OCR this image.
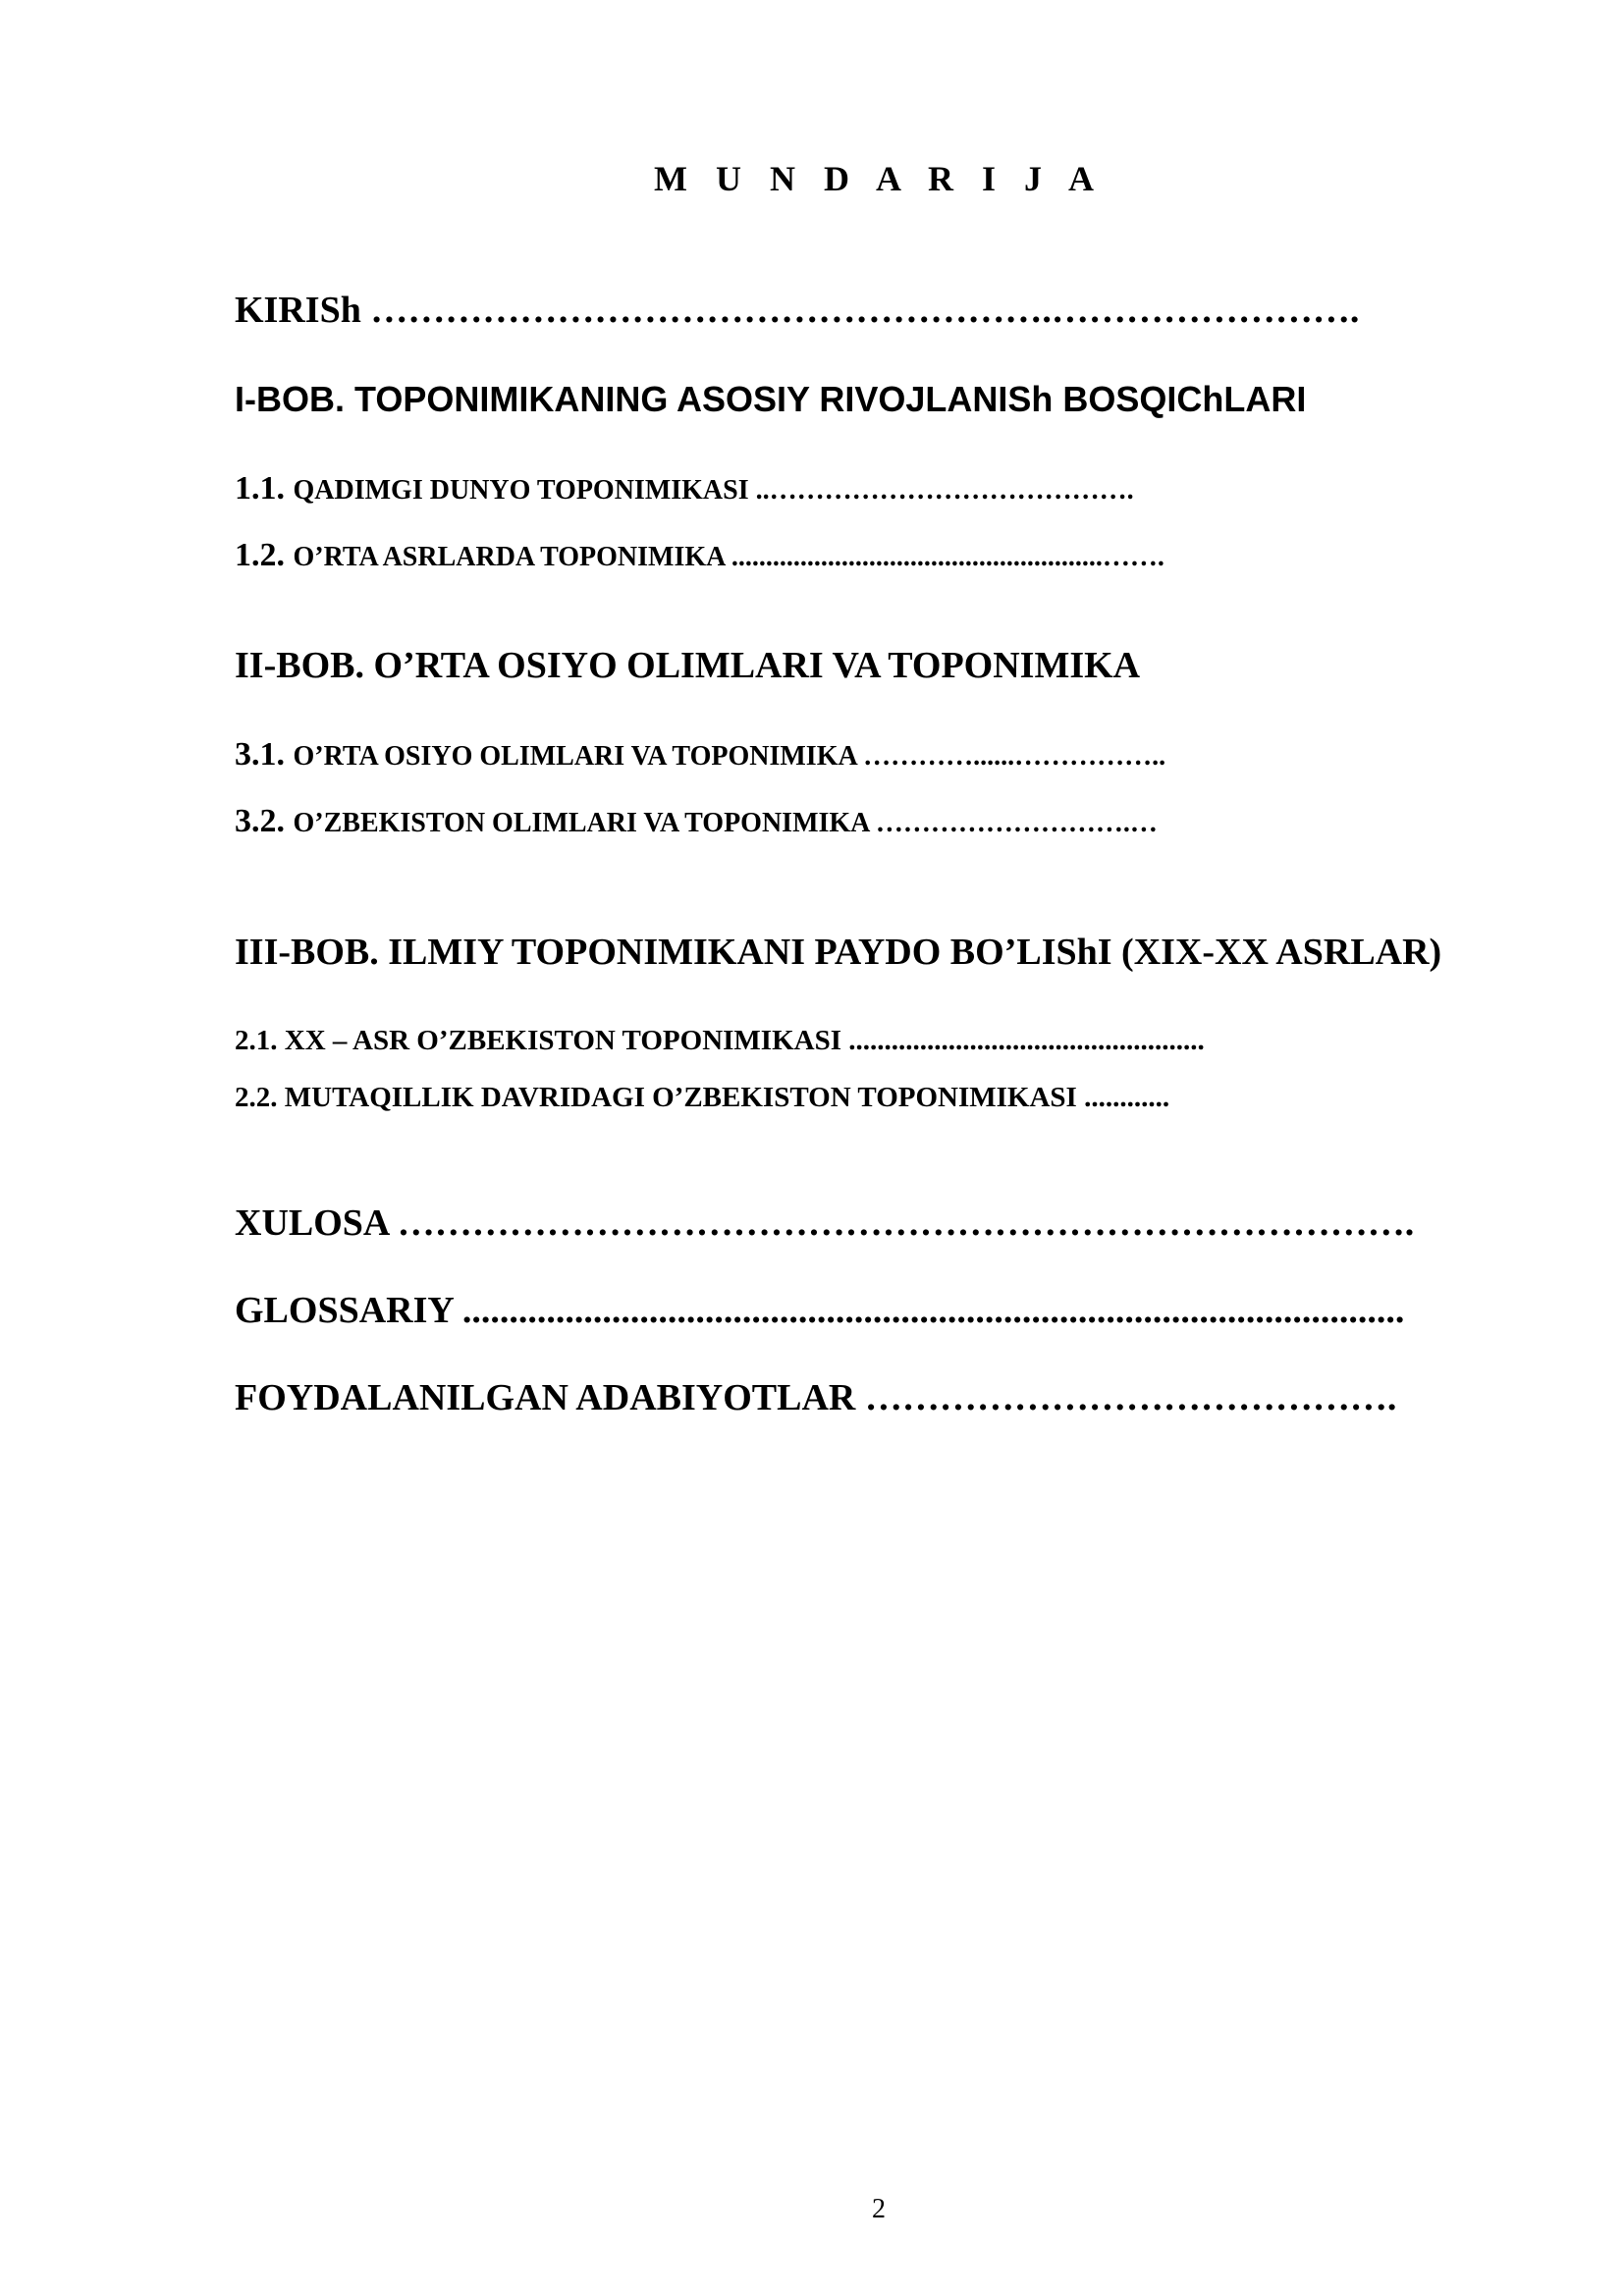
M U N D A R I J A
KIRISh ……………………………………………….…………………….
I-BOB. TOPONIMIKANING ASOSIY RIVOJLANISh BOSQIChLARI
1.1. QADIMGI DUNYO TOPONIMIKASI ..………………………………….
1.2. O’RTA ASRLARDA TOPONIMIKA ......................................................…….
II-BOB. O’RTA OSIYO OLIMLARI VA TOPONIMIKA
3.1. O’RTA OSIYO OLIMLARI VA TOPONIMIKA …………......……………..
3.2. O’ZBEKISTON OLIMLARI VA TOPONIMIKA ……………………….…
III-BOB. ILMIY TOPONIMIKANI PAYDO BO’LIShI (XIX-XX ASRLAR)
2.1. XX – ASR O’ZBEKISTON TOPONIMIKASI ..................................................
2.2. MUTAQILLIK DAVRIDAGI O’ZBEKISTON TOPONIMIKASI ............
XULOSA ……………………………………………………………………….
GLOSSARIY .....................................................................................................
FOYDALANILGAN ADABIYOTLAR …………………………………….
2
